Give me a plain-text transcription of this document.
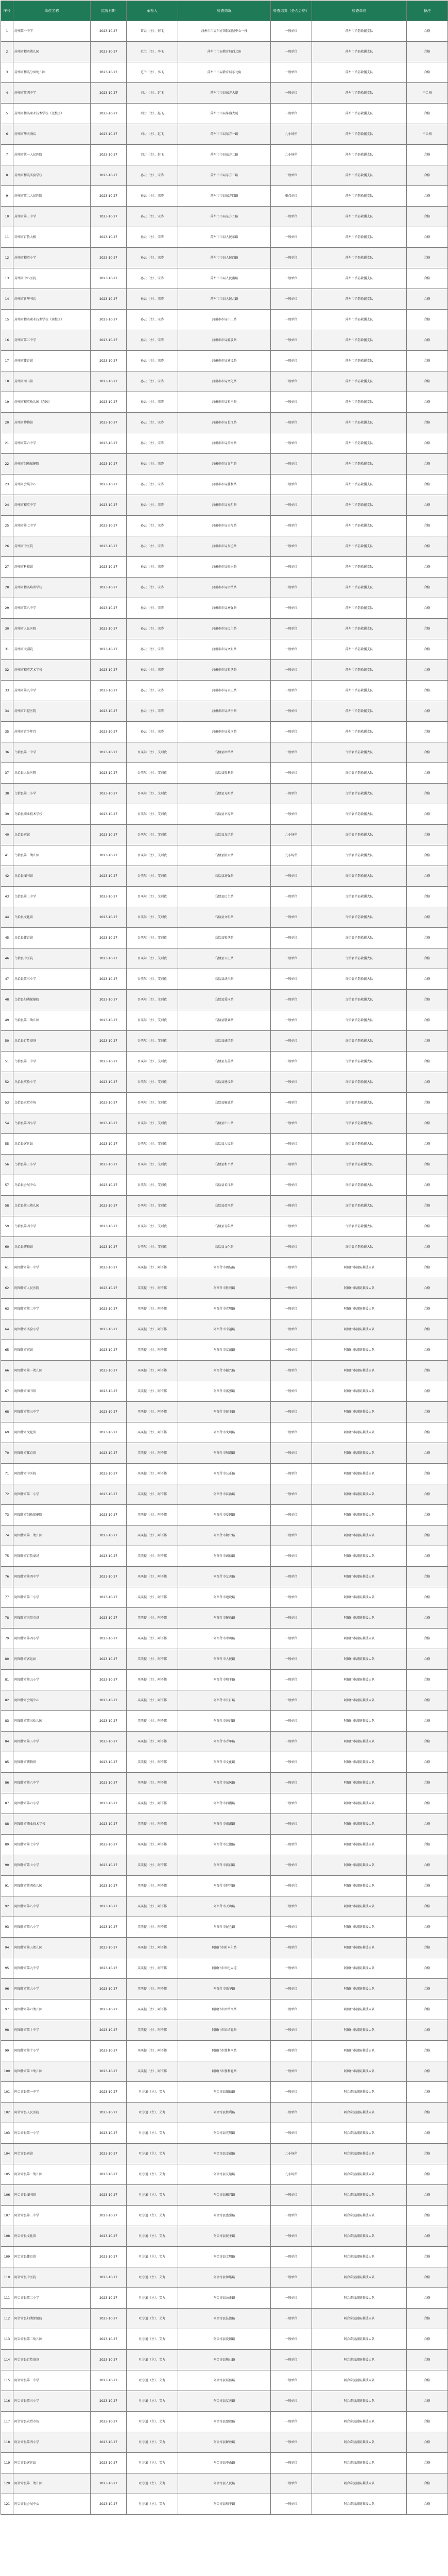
序号	单位名称	监督日期	承检人	检查情况	检查结果（是否合格）	检查单位	备注
1	菏州第一中学	2023-10-27	雷云（主）、何飞	菏州市市局东方国际商贸中心一楼	一般单位	菏州市消防救援支队	合格
2	菏州市精英幼儿园	2023-10-27	范兰（主）、李飞	菏州市市局教育局西北角	一般单位	菏州市消防救援支队	合格
3	菏州市精英分园幼儿园	2023-10-27	范兰（主）、李飞	菏州市市局教育局东北角	一般单位	菏州市消防救援支队	合格
4	菏州市第四中学	2023-10-27	刘力（主）、赵飞	菏州市市局东方大道	一般单位	菏州市消防救援支队	不合格
5	菏州市精英职业技术学校（北校区）	2023-10-27	刘力（主）、赵飞	菏州市市局华盛大厦	一般单位	菏州市消防救援支队	合格
6	菏州市华天酒店	2023-10-27	刘力（主）、赵飞	菏州市市局东方一路	九小场所	菏州市消防救援支队	不合格
7	菏州市第一人民医院	2023-10-27	刘力（主）、赵飞	菏州市市局东方二路	九小场所	菏州市消防救援支队	合格
8	菏州市精英实验学校	2023-10-27	孙云（主）、宋涛	菏州市市局东方三路	一般单位	菏州市消防救援支队	合格
9	菏州市第二人民医院	2023-10-27	孙云（主）、宋涛	菏州市市局东方四路	重点单位	菏州市消防救援支队	合格
10	菏州市第三中学	2023-10-27	孙云（主）、宋涛	菏州市市局东方五路	一般单位	菏州市消防救援支队	合格
11	菏州市百货大楼	2023-10-27	孙云（主）、宋涛	菏州市市局人民东路	一般单位	菏州市消防救援支队	合格
12	菏州市精英小学	2023-10-27	孙云（主）、宋涛	菏州市市局人民西路	一般单位	菏州市消防救援支队	合格
13	菏州市中心医院	2023-10-27	孙云（主）、宋涛	菏州市市局人民南路	一般单位	菏州市消防救援支队	合格
14	菏州市新华书店	2023-10-27	孙云（主）、宋涛	菏州市市局人民北路	一般单位	菏州市消防救援支队	合格
15	菏州市精英职业技术学校（南校区）	2023-10-27	孙云（主）、宋涛	菏州市市局中山路	一般单位	菏州市消防救援支队	合格
16	菏州市第五中学	2023-10-27	孙云（主）、宋涛	菏州市市局解放路	一般单位	菏州市消防救援支队	合格
17	菏州市体育馆	2023-10-27	孙云（主）、宋涛	菏州市市局建设路	一般单位	菏州市消防救援支队	合格
18	菏州市图书馆	2023-10-27	孙云（主）、宋涛	菏州市市局文化路	一般单位	菏州市消防救援支队	合格
19	菏州市精英幼儿园（东园）	2023-10-27	孙云（主）、宋涛	菏州市市局和平路	一般单位	菏州市消防救援支队	合格
20	菏州市博物馆	2023-10-27	孙云（主）、宋涛	菏州市市局长江路	一般单位	菏州市消防救援支队	合格
21	菏州市第六中学	2023-10-27	孙云（主）、宋涛	菏州市市局黄河路	一般单位	菏州市消防救援支队	合格
22	菏州市妇幼保健院	2023-10-27	孙云（主）、宋涛	菏州市市局青年路	一般单位	菏州市消防救援支队	合格
23	菏州市会展中心	2023-10-27	孙云（主）、宋涛	菏州市市局胜利路	一般单位	菏州市消防救援支队	合格
24	菏州市精英中学	2023-10-27	孙云（主）、宋涛	菏州市市局光明路	一般单位	菏州市消防救援支队	合格
25	菏州市第七中学	2023-10-27	孙云（主）、宋涛	菏州市市局幸福路	一般单位	菏州市消防救援支队	合格
26	菏州市中医院	2023-10-27	孙云（主）、宋涛	菏州市市局友谊路	一般单位	菏州市消防救援支队	合格
27	菏州市科技馆	2023-10-27	孙云（主）、宋涛	菏州市市局振兴路	一般单位	菏州市消防救援支队	合格
28	菏州市精英培训学校	2023-10-27	孙云（主）、宋涛	菏州市市局团结路	一般单位	菏州市消防救援支队	合格
29	菏州市第八中学	2023-10-27	孙云（主）、宋涛	菏州市市局富强路	一般单位	菏州市消防救援支队	合格
30	菏州市人民医院	2023-10-27	孙云（主）、宋涛	菏州市市局民主路	一般单位	菏州市消防救援支队	合格
31	菏州市大剧院	2023-10-27	孙云（主）、宋涛	菏州市市局文明路	一般单位	菏州市消防救援支队	合格
32	菏州市精英艺术学校	2023-10-27	孙云（主）、宋涛	菏州市市局和谐路	一般单位	菏州市消防救援支队	合格
33	菏州市第九中学	2023-10-27	孙云（主）、宋涛	菏州市市局公正路	一般单位	菏州市消防救援支队	合格
34	菏州市口腔医院	2023-10-27	孙云（主）、宋涛	菏州市市局法治路	一般单位	菏州市消防救援支队	合格
35	菏州市青少年宫	2023-10-27	孙云（主）、宋涛	菏州市市局爱国路	一般单位	菏州市消防救援支队	合格
36	乌恰县第一中学	2023-10-27	吾买尔（主）、艾则孜	乌恰县团结路	一般单位	乌恰县消防救援大队	合格
37	乌恰县人民医院	2023-10-27	吾买尔（主）、艾则孜	乌恰县胜利路	一般单位	乌恰县消防救援大队	合格
38	乌恰县第二小学	2023-10-27	吾买尔（主）、艾则孜	乌恰县光明路	一般单位	乌恰县消防救援大队	合格
39	乌恰县职业技术学校	2023-10-27	吾买尔（主）、艾则孜	乌恰县幸福路	一般单位	乌恰县消防救援大队	合格
40	乌恰县宾馆	2023-10-27	吾买尔（主）、艾则孜	乌恰县友谊路	九小场所	乌恰县消防救援大队	合格
41	乌恰县第一幼儿园	2023-10-27	吾买尔（主）、艾则孜	乌恰县振兴路	九小场所	乌恰县消防救援大队	合格
42	乌恰县图书馆	2023-10-27	吾买尔（主）、艾则孜	乌恰县富强路	一般单位	乌恰县消防救援大队	合格
43	乌恰县第二中学	2023-10-27	吾买尔（主）、艾则孜	乌恰县民主路	一般单位	乌恰县消防救援大队	合格
44	乌恰县文化馆	2023-10-27	吾买尔（主）、艾则孜	乌恰县文明路	一般单位	乌恰县消防救援大队	合格
45	乌恰县体育馆	2023-10-27	吾买尔（主）、艾则孜	乌恰县和谐路	一般单位	乌恰县消防救援大队	合格
46	乌恰县中医院	2023-10-27	吾买尔（主）、艾则孜	乌恰县公正路	一般单位	乌恰县消防救援大队	合格
47	乌恰县第三小学	2023-10-27	吾买尔（主）、艾则孜	乌恰县法治路	一般单位	乌恰县消防救援大队	合格
48	乌恰县妇幼保健院	2023-10-27	吾买尔（主）、艾则孜	乌恰县爱国路	一般单位	乌恰县消防救援大队	合格
49	乌恰县第二幼儿园	2023-10-27	吾买尔（主）、艾则孜	乌恰县敬业路	一般单位	乌恰县消防救援大队	合格
50	乌恰县百货商场	2023-10-27	吾买尔（主）、艾则孜	乌恰县诚信路	一般单位	乌恰县消防救援大队	合格
51	乌恰县第三中学	2023-10-27	吾买尔（主）、艾则孜	乌恰县友善路	一般单位	乌恰县消防救援大队	合格
52	乌恰县实验小学	2023-10-27	吾买尔（主）、艾则孜	乌恰县建设路	一般单位	乌恰县消防救援大队	合格
53	乌恰县农贸市场	2023-10-27	吾买尔（主）、艾则孜	乌恰县解放路	一般单位	乌恰县消防救援大队	合格
54	乌恰县第四小学	2023-10-27	吾买尔（主）、艾则孜	乌恰县中山路	一般单位	乌恰县消防救援大队	合格
55	乌恰县客运站	2023-10-27	吾买尔（主）、艾则孜	乌恰县人民路	一般单位	乌恰县消防救援大队	合格
56	乌恰县第五小学	2023-10-27	吾买尔（主）、艾则孜	乌恰县和平路	一般单位	乌恰县消防救援大队	合格
57	乌恰县会展中心	2023-10-27	吾买尔（主）、艾则孜	乌恰县长江路	一般单位	乌恰县消防救援大队	合格
58	乌恰县第三幼儿园	2023-10-27	吾买尔（主）、艾则孜	乌恰县黄河路	一般单位	乌恰县消防救援大队	合格
59	乌恰县第四中学	2023-10-27	吾买尔（主）、艾则孜	乌恰县青年路	一般单位	乌恰县消防救援大队	合格
60	乌恰县博物馆	2023-10-27	吾买尔（主）、艾则孜	乌恰县文化路	一般单位	乌恰县消防救援大队	合格
61	阿图什市第一中学	2023-10-27	买买提（主）、阿不都	阿图什市团结路	一般单位	阿图什市消防救援大队	合格
62	阿图什市人民医院	2023-10-27	买买提（主）、阿不都	阿图什市胜利路	一般单位	阿图什市消防救援大队	合格
63	阿图什市第二中学	2023-10-27	买买提（主）、阿不都	阿图什市光明路	一般单位	阿图什市消防救援大队	合格
64	阿图什市实验小学	2023-10-27	买买提（主）、阿不都	阿图什市幸福路	一般单位	阿图什市消防救援大队	合格
65	阿图什市宾馆	2023-10-27	买买提（主）、阿不都	阿图什市友谊路	一般单位	阿图什市消防救援大队	合格
66	阿图什市第一幼儿园	2023-10-27	买买提（主）、阿不都	阿图什市振兴路	一般单位	阿图什市消防救援大队	合格
67	阿图什市图书馆	2023-10-27	买买提（主）、阿不都	阿图什市富强路	一般单位	阿图什市消防救援大队	合格
68	阿图什市第三中学	2023-10-27	买买提（主）、阿不都	阿图什市民主路	一般单位	阿图什市消防救援大队	合格
69	阿图什市文化馆	2023-10-27	买买提（主）、阿不都	阿图什市文明路	一般单位	阿图什市消防救援大队	合格
70	阿图什市体育馆	2023-10-27	买买提（主）、阿不都	阿图什市和谐路	一般单位	阿图什市消防救援大队	合格
71	阿图什市中医院	2023-10-27	买买提（主）、阿不都	阿图什市公正路	一般单位	阿图什市消防救援大队	合格
72	阿图什市第二小学	2023-10-27	买买提（主）、阿不都	阿图什市法治路	一般单位	阿图什市消防救援大队	合格
73	阿图什市妇幼保健院	2023-10-27	买买提（主）、阿不都	阿图什市爱国路	一般单位	阿图什市消防救援大队	合格
74	阿图什市第二幼儿园	2023-10-27	买买提（主）、阿不都	阿图什市敬业路	一般单位	阿图什市消防救援大队	合格
75	阿图什市百货商场	2023-10-27	买买提（主）、阿不都	阿图什市诚信路	一般单位	阿图什市消防救援大队	合格
76	阿图什市第四中学	2023-10-27	买买提（主）、阿不都	阿图什市友善路	一般单位	阿图什市消防救援大队	合格
77	阿图什市第三小学	2023-10-27	买买提（主）、阿不都	阿图什市建设路	一般单位	阿图什市消防救援大队	合格
78	阿图什市农贸市场	2023-10-27	买买提（主）、阿不都	阿图什市解放路	一般单位	阿图什市消防救援大队	合格
79	阿图什市第四小学	2023-10-27	买买提（主）、阿不都	阿图什市中山路	一般单位	阿图什市消防救援大队	合格
80	阿图什市客运站	2023-10-27	买买提（主）、阿不都	阿图什市人民路	一般单位	阿图什市消防救援大队	合格
81	阿图什市第五小学	2023-10-27	买买提（主）、阿不都	阿图什市和平路	一般单位	阿图什市消防救援大队	合格
82	阿图什市会展中心	2023-10-27	买买提（主）、阿不都	阿图什市长江路	一般单位	阿图什市消防救援大队	合格
83	阿图什市第三幼儿园	2023-10-27	买买提（主）、阿不都	阿图什市黄河路	一般单位	阿图什市消防救援大队	合格
84	阿图什市第五中学	2023-10-27	买买提（主）、阿不都	阿图什市青年路	一般单位	阿图什市消防救援大队	合格
85	阿图什市博物馆	2023-10-27	买买提（主）、阿不都	阿图什市文化路	一般单位	阿图什市消防救援大队	合格
86	阿图什市第六中学	2023-10-27	买买提（主）、阿不都	阿图什市东风路	一般单位	阿图什市消防救援大队	合格
87	阿图什市第六小学	2023-10-27	买买提（主）、阿不都	阿图什市西湖路	一般单位	阿图什市消防救援大队	合格
88	阿图什市职业技术学校	2023-10-27	买买提（主）、阿不都	阿图什市南湖路	一般单位	阿图什市消防救援大队	合格
89	阿图什市第七中学	2023-10-27	买买提（主）、阿不都	阿图什市北湖路	一般单位	阿图什市消防救援大队	合格
90	阿图什市第七小学	2023-10-27	买买提（主）、阿不都	阿图什市滨河路	一般单位	阿图什市消防救援大队	合格
91	阿图什市第四幼儿园	2023-10-27	买买提（主）、阿不都	阿图什市迎宾路	一般单位	阿图什市消防救援大队	合格
92	阿图什市第八中学	2023-10-27	买买提（主）、阿不都	阿图什市天山路	一般单位	阿图什市消防救援大队	合格
93	阿图什市第八小学	2023-10-27	买买提（主）、阿不都	阿图什市昆仑路	一般单位	阿图什市消防救援大队	合格
94	阿图什市第五幼儿园	2023-10-27	买买提（主）、阿不都	阿图什市帕米尔路	一般单位	阿图什市消防救援大队	合格
95	阿图什市第九中学	2023-10-27	买买提（主）、阿不都	阿图什市世纪大道	一般单位	阿图什市消防救援大队	合格
96	阿图什市第九小学	2023-10-27	买买提（主）、阿不都	阿图什市新华路	一般单位	阿图什市消防救援大队	合格
97	阿图什市第六幼儿园	2023-10-27	买买提（主）、阿不都	阿图什市团结南路	一般单位	阿图什市消防救援大队	合格
98	阿图什市第十中学	2023-10-27	买买提（主）、阿不都	阿图什市团结北路	一般单位	阿图什市消防救援大队	合格
99	阿图什市第十小学	2023-10-27	买买提（主）、阿不都	阿图什市胜利南路	一般单位	阿图什市消防救援大队	合格
100	阿图什市第七幼儿园	2023-10-27	买买提（主）、阿不都	阿图什市胜利北路	一般单位	阿图什市消防救援大队	合格
101	阿合奇县第一中学	2023-10-27	吐尔逊（主）、艾力	阿合奇县团结路	一般单位	阿合奇县消防救援大队	合格
102	阿合奇县人民医院	2023-10-27	吐尔逊（主）、艾力	阿合奇县胜利路	一般单位	阿合奇县消防救援大队	合格
103	阿合奇县第一小学	2023-10-27	吐尔逊（主）、艾力	阿合奇县光明路	一般单位	阿合奇县消防救援大队	合格
104	阿合奇县宾馆	2023-10-27	吐尔逊（主）、艾力	阿合奇县幸福路	九小场所	阿合奇县消防救援大队	合格
105	阿合奇县第一幼儿园	2023-10-27	吐尔逊（主）、艾力	阿合奇县友谊路	九小场所	阿合奇县消防救援大队	合格
106	阿合奇县图书馆	2023-10-27	吐尔逊（主）、艾力	阿合奇县振兴路	一般单位	阿合奇县消防救援大队	合格
107	阿合奇县第二中学	2023-10-27	吐尔逊（主）、艾力	阿合奇县富强路	一般单位	阿合奇县消防救援大队	合格
108	阿合奇县文化馆	2023-10-27	吐尔逊（主）、艾力	阿合奇县民主路	一般单位	阿合奇县消防救援大队	合格
109	阿合奇县体育馆	2023-10-27	吐尔逊（主）、艾力	阿合奇县文明路	一般单位	阿合奇县消防救援大队	合格
110	阿合奇县中医院	2023-10-27	吐尔逊（主）、艾力	阿合奇县和谐路	一般单位	阿合奇县消防救援大队	合格
111	阿合奇县第二小学	2023-10-27	吐尔逊（主）、艾力	阿合奇县公正路	一般单位	阿合奇县消防救援大队	合格
112	阿合奇县妇幼保健院	2023-10-27	吐尔逊（主）、艾力	阿合奇县法治路	一般单位	阿合奇县消防救援大队	合格
113	阿合奇县第二幼儿园	2023-10-27	吐尔逊（主）、艾力	阿合奇县爱国路	一般单位	阿合奇县消防救援大队	合格
114	阿合奇县百货商场	2023-10-27	吐尔逊（主）、艾力	阿合奇县敬业路	一般单位	阿合奇县消防救援大队	合格
115	阿合奇县第三中学	2023-10-27	吐尔逊（主）、艾力	阿合奇县诚信路	一般单位	阿合奇县消防救援大队	合格
116	阿合奇县第三小学	2023-10-27	吐尔逊（主）、艾力	阿合奇县友善路	一般单位	阿合奇县消防救援大队	合格
117	阿合奇县农贸市场	2023-10-27	吐尔逊（主）、艾力	阿合奇县建设路	一般单位	阿合奇县消防救援大队	合格
118	阿合奇县第四小学	2023-10-27	吐尔逊（主）、艾力	阿合奇县解放路	一般单位	阿合奇县消防救援大队	合格
119	阿合奇县客运站	2023-10-27	吐尔逊（主）、艾力	阿合奇县中山路	一般单位	阿合奇县消防救援大队	合格
120	阿合奇县第三幼儿园	2023-10-27	吐尔逊（主）、艾力	阿合奇县人民路	一般单位	阿合奇县消防救援大队	合格
121	阿合奇县会展中心	2023-10-27	吐尔逊（主）、艾力	阿合奇县和平路	一般单位	阿合奇县消防救援大队	合格
